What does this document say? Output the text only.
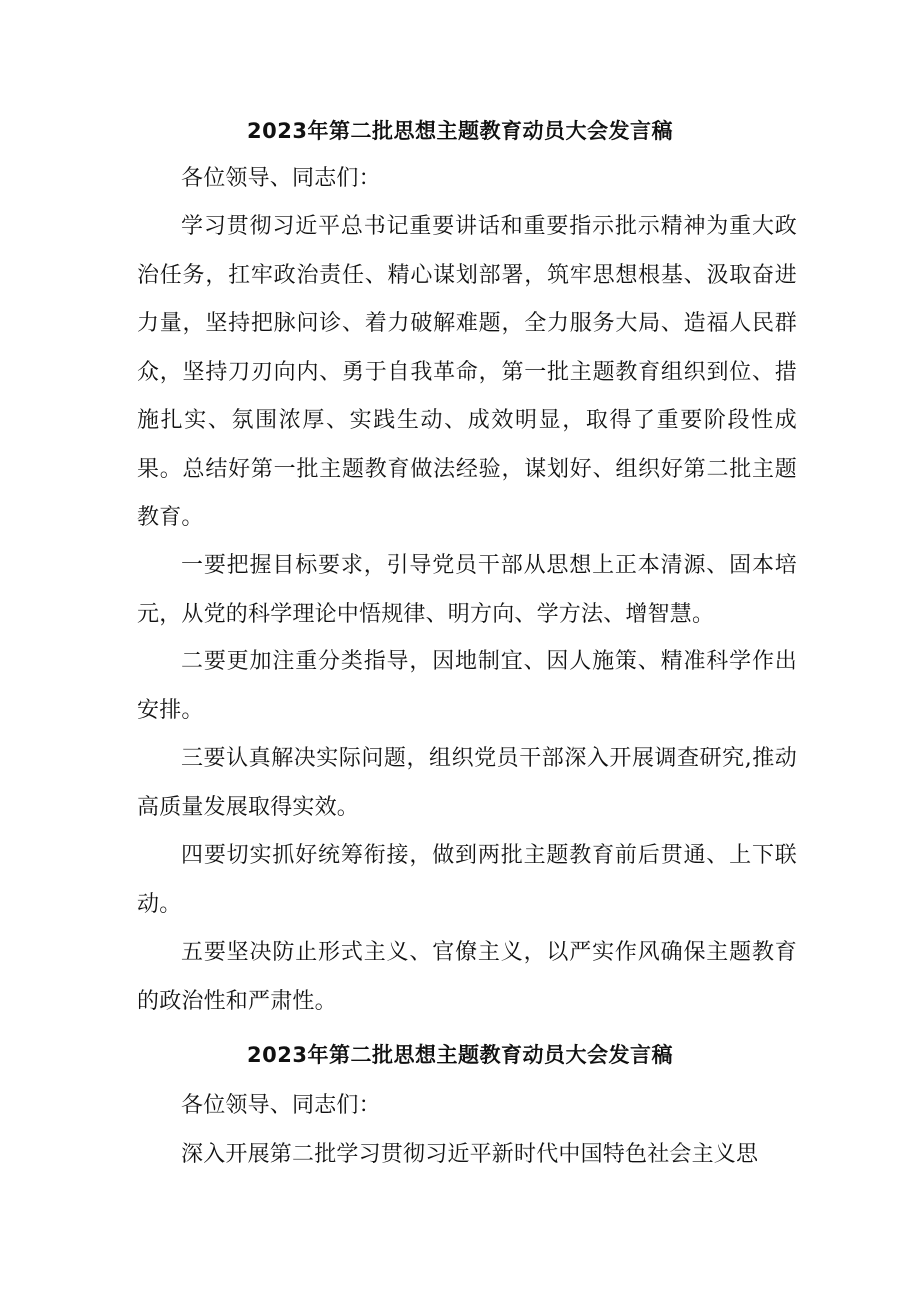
2023年第二批思想主题教育动员大会发言稿

各位领导、同志们：

学习贯彻习近平总书记重要讲话和重要指示批示精神为重大政治任务，扛牢政治责任、精心谋划部署，筑牢思想根基、汲取奋进力量，坚持把脉问诊、着力破解难题，全力服务大局、造福人民群众，坚持刀刃向内、勇于自我革命，第一批主题教育组织到位、措施扎实、氛围浓厚、实践生动、成效明显，取得了重要阶段性成果。总结好第一批主题教育做法经验，谋划好、组织好第二批主题教育。

一要把握目标要求，引导党员干部从思想上正本清源、固本培元，从党的科学理论中悟规律、明方向、学方法、增智慧。

二要更加注重分类指导，因地制宜、因人施策、精准科学作出安排。

三要认真解决实际问题，组织党员干部深入开展调查研究,推动高质量发展取得实效。

四要切实抓好统筹衔接，做到两批主题教育前后贯通、上下联动。

五要坚决防止形式主义、官僚主义，以严实作风确保主题教育的政治性和严肃性。

2023年第二批思想主题教育动员大会发言稿

各位领导、同志们：

深入开展第二批学习贯彻习近平新时代中国特色社会主义思
